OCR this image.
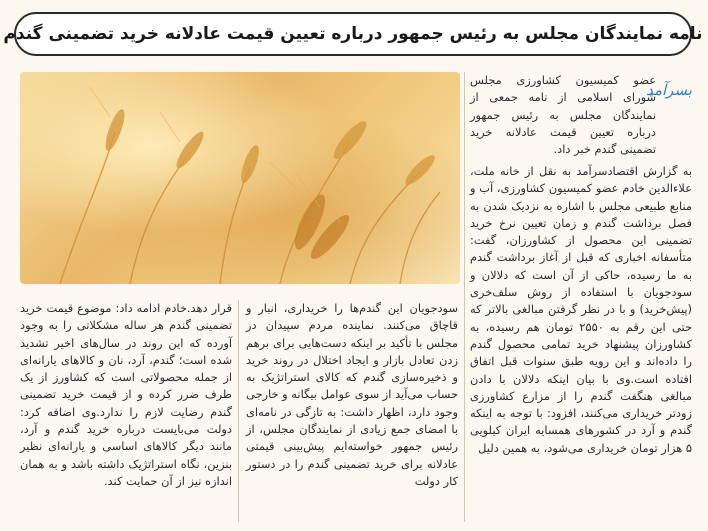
نامه نمایندگان مجلس به رئیس جمهور درباره تعیین قیمت عادلانه خرید تضمینی گندم
بسرآمد

عضو کمیسیون کشاورزی مجلس شورای اسلامی از نامه جمعی از نمایندگان مجلس به رئیس جمهور درباره تعیین قیمت عادلانه خرید تضمینی گندم خبر داد.

به گزارش اقتصادسرآمد به نقل از خانه ملت، علاءالدین خادم عضو کمیسیون کشاورزی، آب و منابع طبیعی مجلس با اشاره به نزدیک شدن به فصل برداشت گندم و زمان تعیین نرخ خرید تضمینی این محصول از کشاورزان، گفت: متأسفانه اخباری که قبل از آغاز برداشت گندم به ما رسیده، حاکی از آن است که دلالان و سودجویان با استفاده از روش سلف‌خری (پیش‌خرید) و با در نظر گرفتن مبالغی بالاتر که حتی این رقم به ۲۵۵۰ تومان هم رسیده، به کشاورزان پیشنهاد خرید تمامی محصول گندم را داده‌اند و این رویه طبق سنوات قبل اتفاق افتاده است.وی با بیان اینکه دلالان با دادن مبالغی هنگفت گندم را از مزارع کشاورزی زودتر خریداری می‌کنند، افزود: با توجه به اینکه گندم و آرد در کشورهای همسایه ایران کیلویی ۵ هزار تومان خریداری می‌شود، به همین دلیل

سودجویان این گندم‌ها را خریداری، انبار و قاچاق می‌کنند. نماینده مردم سپیدان در مجلس با تأکید بر اینکه دست‌هایی برای برهم زدن تعادل بازار و ایجاد اختلال در روند خرید و ذخیره‌سازی گندم که کالای استراتژیک به حساب می‌آید از سوی عوامل بیگانه و خارجی وجود دارد، اظهار داشت: به تازگی در نامه‌ای با امضای جمع زیادی از نمایندگان مجلس، از رئیس جمهور خواسته‌ایم پیش‌بینی قیمتی عادلانه برای خرید تضمینی گندم را در دستور کار دولت

قرار دهد.خادم ادامه داد: موضوع قیمت خرید تضمینی گندم هر ساله مشکلاتی را به وجود آورده که این روند در سال‌های اخیر تشدید شده است؛ گندم، آرد، نان و کالاهای یارانه‌ای از جمله محصولاتی است که کشاورز از یک طرف ضرر کرده و از قیمت خرید تضمینی گندم رضایت لازم را ندارد.وی اضافه کرد: دولت می‌بایست درباره خرید گندم و آرد، مانند دیگر کالاهای اساسی و یارانه‌ای نظیر بنزین، نگاه استراتژیک داشته باشد و به همان اندازه نیز از آن حمایت کند.
